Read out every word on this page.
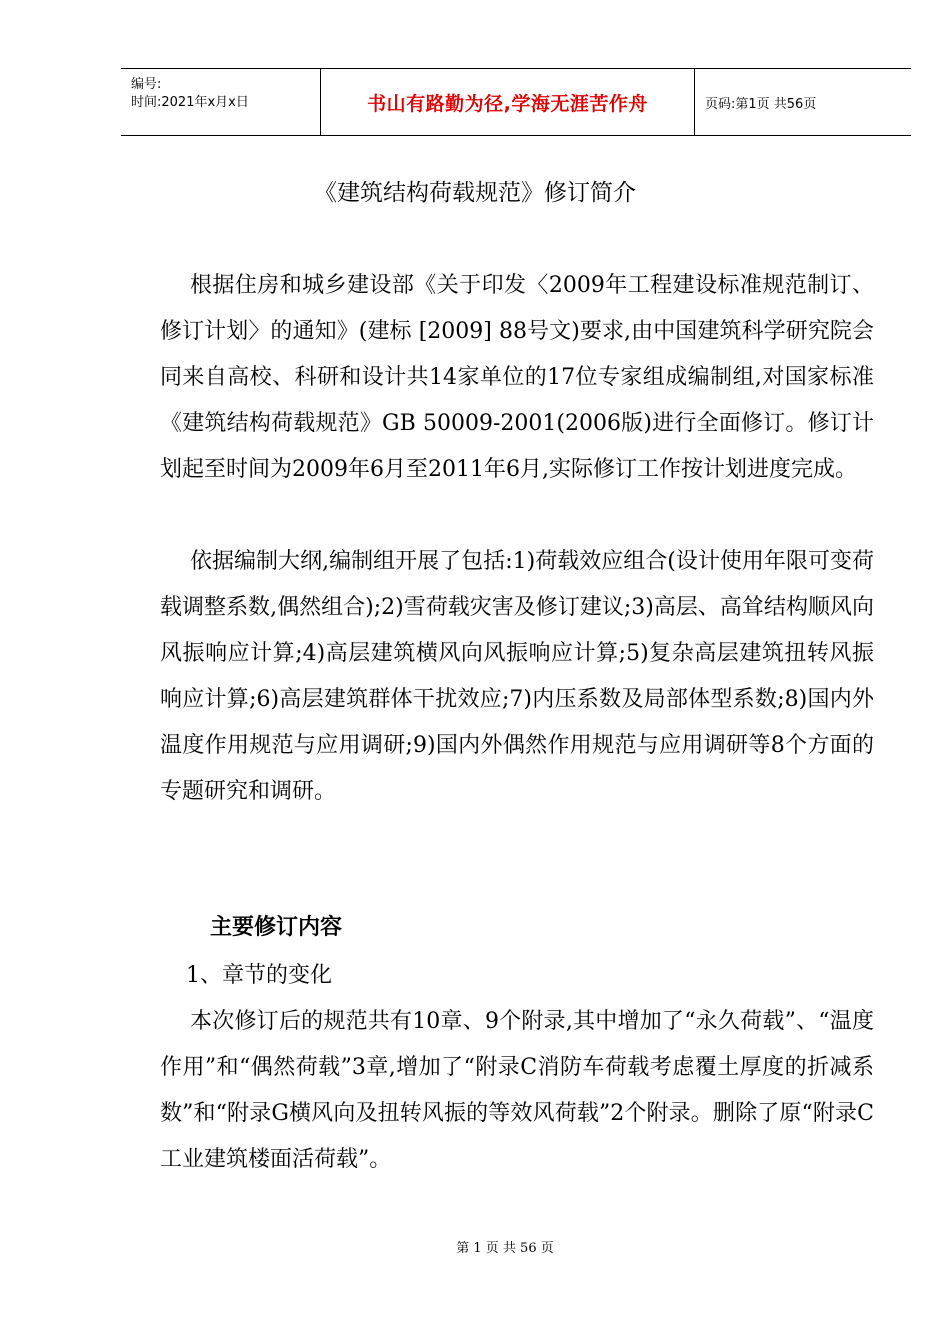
编号:
时间:2021年x月x日	书山有路勤为径,学海无涯苦作舟	页码:第1页 共56页
《建筑结构荷载规范》修订简介

根据住房和城乡建设部《关于印发〈2009年工程建设标准规范制订、修订计划〉的通知》(建标 [2009] 88号文)要求,由中国建筑科学研究院会同来自高校、科研和设计共14家单位的17位专家组成编制组,对国家标准《建筑结构荷载规范》GB 50009-2001(2006版)进行全面修订。修订计划起至时间为2009年6月至2011年6月,实际修订工作按计划进度完成。

依据编制大纲,编制组开展了包括:1)荷载效应组合(设计使用年限可变荷载调整系数,偶然组合);2)雪荷载灾害及修订建议;3)高层、高耸结构顺风向风振响应计算;4)高层建筑横风向风振响应计算;5)复杂高层建筑扭转风振响应计算;6)高层建筑群体干扰效应;7)内压系数及局部体型系数;8)国内外温度作用规范与应用调研;9)国内外偶然作用规范与应用调研等8个方面的专题研究和调研。

主要修订内容
1、章节的变化

本次修订后的规范共有10章、9个附录,其中增加了“永久荷载”、“温度作用”和“偶然荷载”3章,增加了“附录C消防车荷载考虑覆土厚度的折减系数”和“附录G横风向及扭转风振的等效风荷载”2个附录。删除了原“附录C工业建筑楼面活荷载”。

第 1 页 共 56 页
